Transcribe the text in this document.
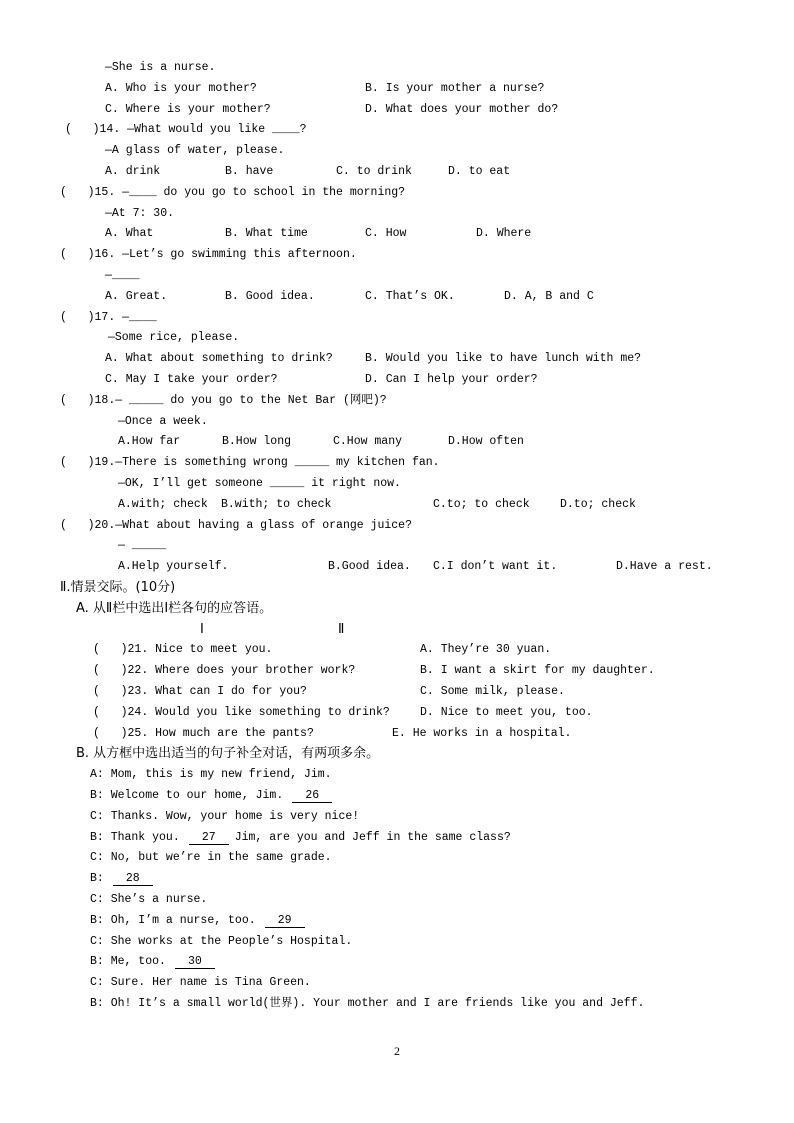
—She is a nurse.
A. Who is your mother?	B. Is your mother a nurse?
C. Where is your mother?	D. What does your mother do?
(   )14. —What would you like ____?
—A glass of water, please.
A. drink	B. have	C. to drink	D. to eat
(   )15. —____ do you go to school in the morning?
—At 7: 30.
A. What	B. What time	C. How	D. Where
(   )16. —Let’s go swimming this afternoon.
—____
A. Great.	B. Good idea.	C. That’s OK.	D. A, B and C
(   )17. —____
—Some rice, please.
A. What about something to drink?	B. Would you like to have lunch with me?
C. May I take your order?	D. Can I help your order?
(   )18.— _____ do you go to the Net Bar (网吧)?
—Once a week.
A.How far	B.How long	C.How many	D.How often
(   )19.—There is something wrong _____ my kitchen fan.
—OK, I’ll get someone _____ it right now.
A.with; check B.with; to check	C.to; to check	D.to; check
(   )20.—What about having a glass of orange juice?
— _____
A.Help yourself.	B.Good idea. C.I don’t want it.	D.Have a rest.
Ⅱ.情景交际。(10分)
A. 从Ⅱ栏中选出Ⅰ栏各句的应答语。
Ⅰ	Ⅱ
(   )21. Nice to meet you.	A. They’re 30 yuan.
(   )22. Where does your brother work?	B. I want a skirt for my daughter.
(   )23. What can I do for you?	C. Some milk, please.
(   )24. Would you like something to drink?	D. Nice to meet you, too.
(   )25. How much are the pants?	E. He works in a hospital.
B. 从方框中选出适当的句子补全对话，有两项多余。
A: Mom, this is my new friend, Jim.
B: Welcome to our home, Jim. 26
C: Thanks. Wow, your home is very nice!
B: Thank you. 27 Jim, are you and Jeff in the same class?
C: No, but we’re in the same grade.
B: 28
C: She’s a nurse.
B: Oh, I’m a nurse, too. 29
C: She works at the People’s Hospital.
B: Me, too. 30
C: Sure. Her name is Tina Green.
B: Oh! It’s a small world(世界). Your mother and I are friends like you and Jeff.
2
